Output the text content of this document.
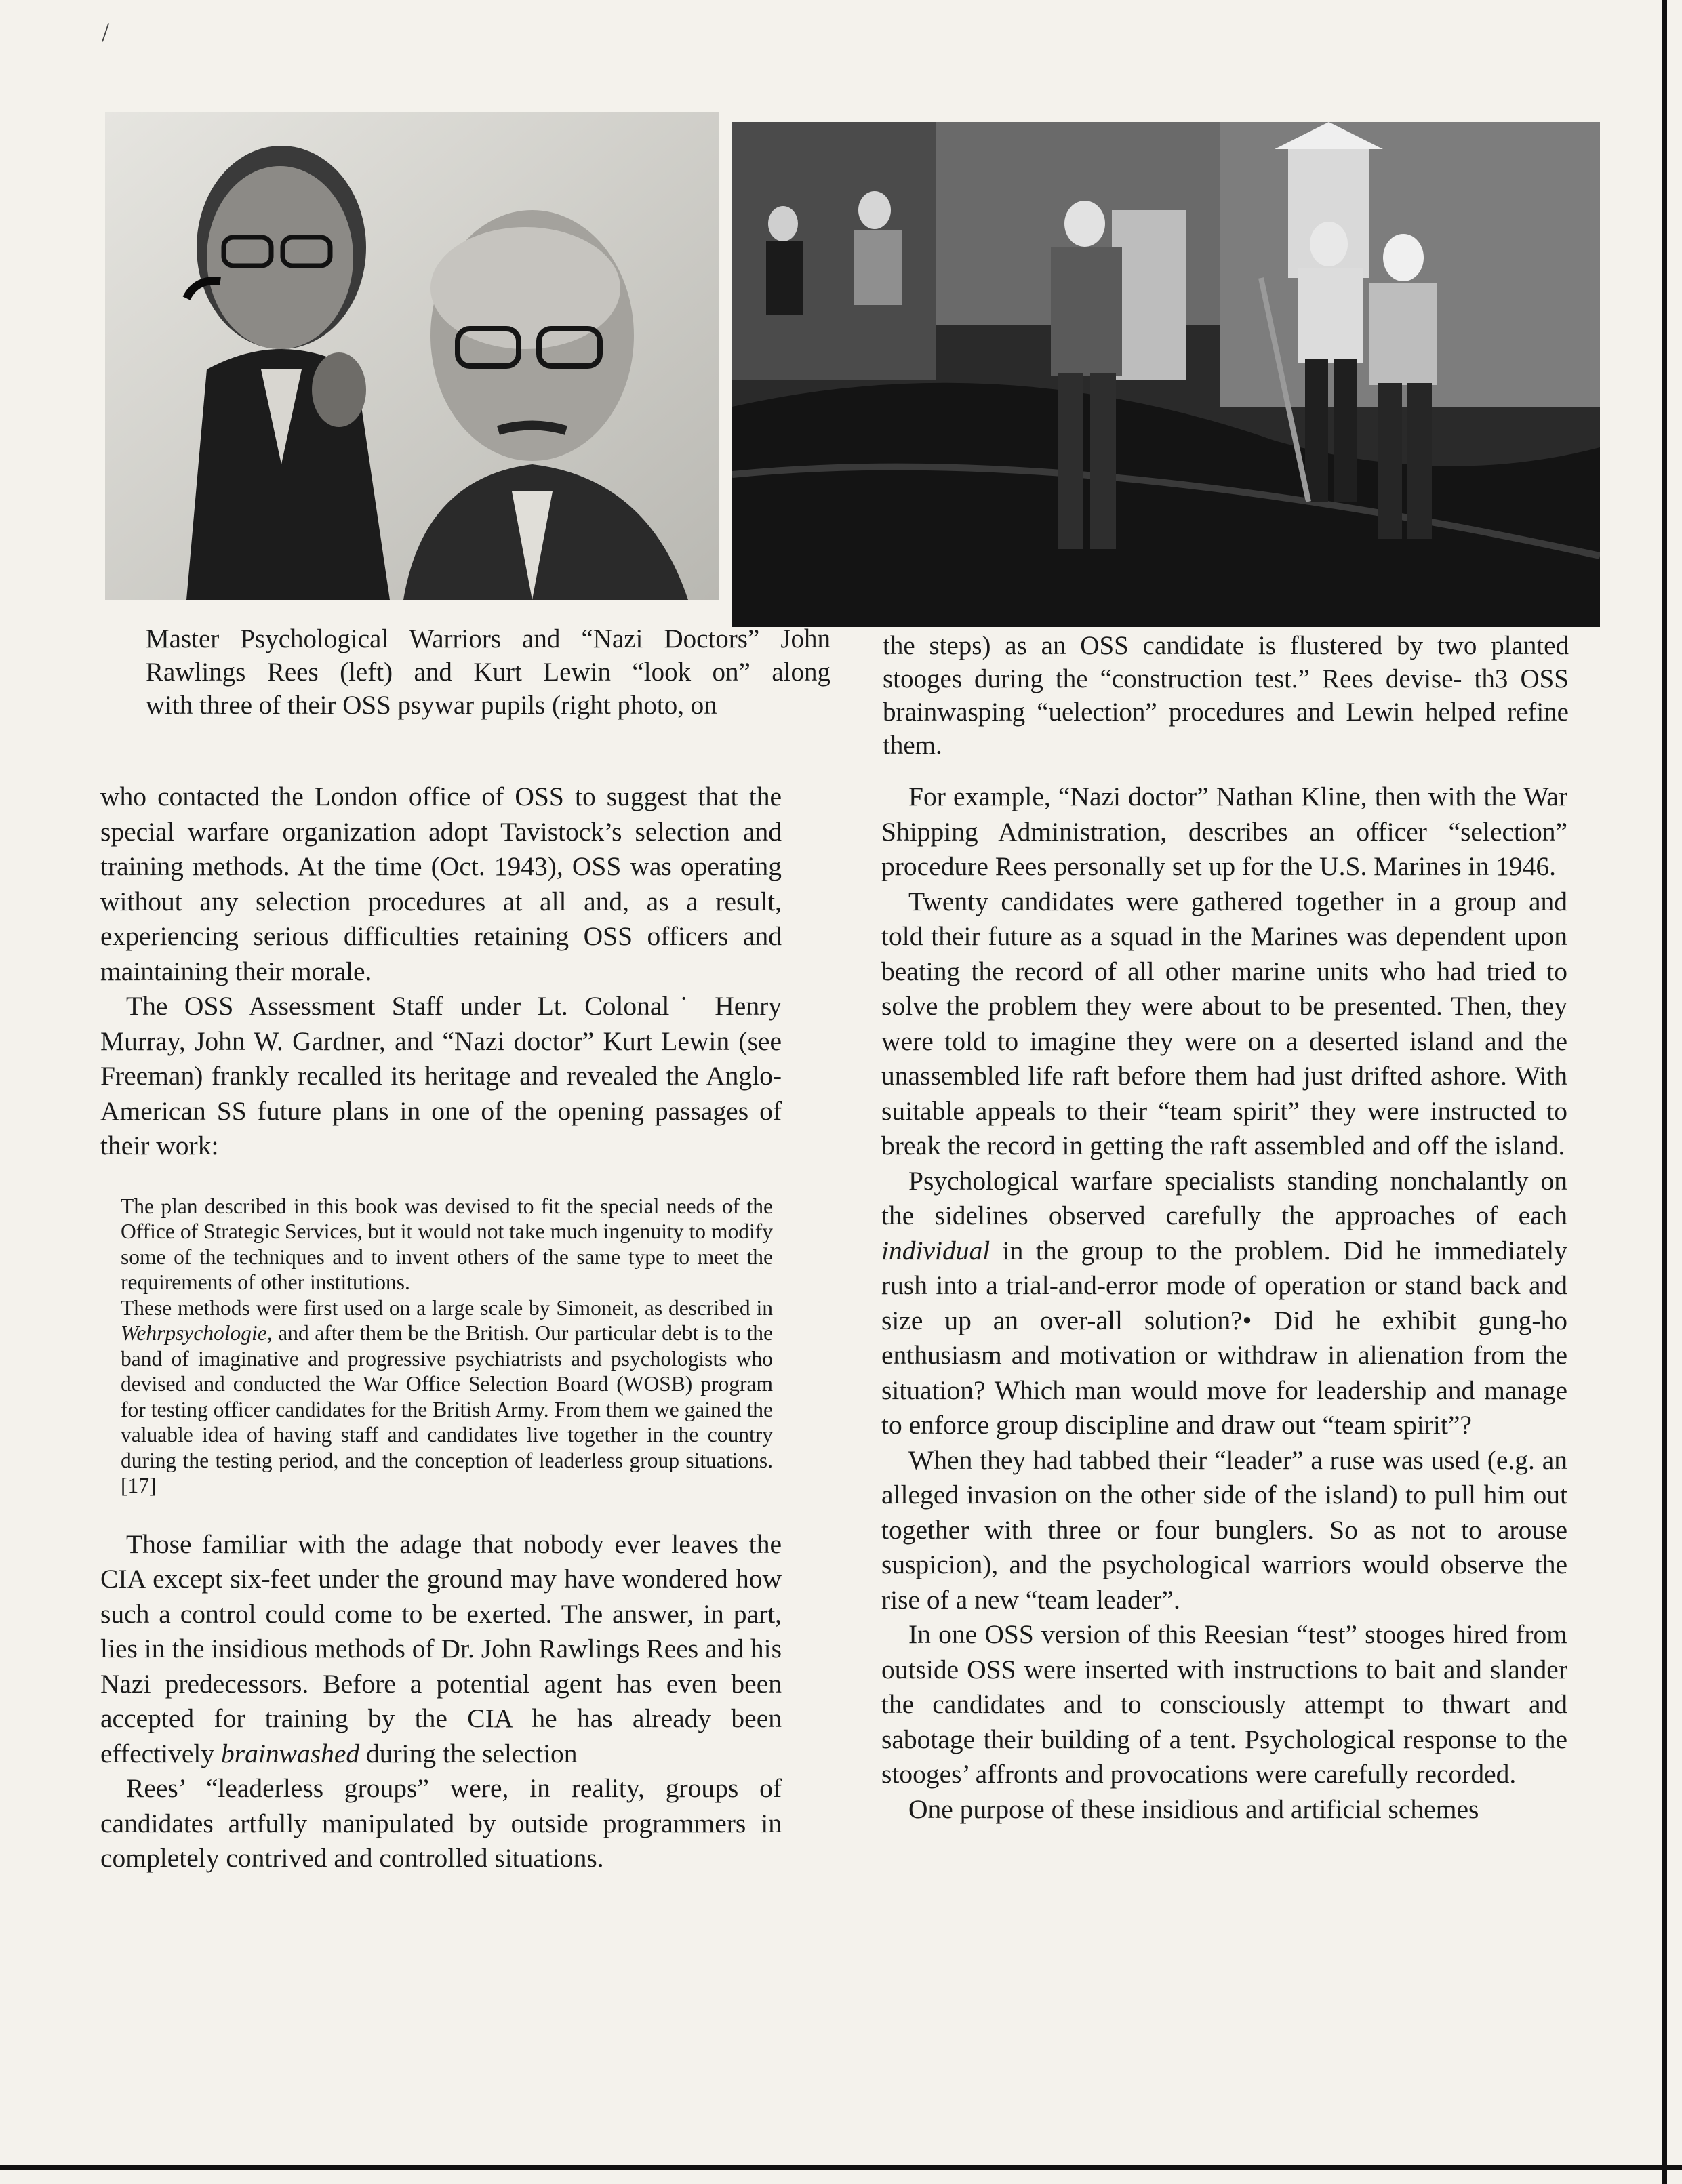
/

Master Psychological Warriors and “Nazi Doctors” John

Rawlings Rees (left) and Kurt Lewin “look on” along

with three of their OSS psywar pupils (right photo, on

the steps) as an OSS candidate is flustered by two planted stooges during the “construction test.” Rees devise- th3 OSS brainwasping “uelection” procedures and Lewin helped refine them.

who contacted the London office of OSS to suggest that the special warfare organization adopt Tavistock’s selection and training methods. At the time (Oct. 1943), OSS was operating without any selection procedures at all and, as a result, experiencing serious difficulties retaining OSS officers and maintaining their morale.

The OSS Assessment Staff under Lt. Colonal˙ Henry Murray, John W. Gardner, and “Nazi doctor” Kurt Lewin (see Freeman) frankly recalled its heritage and revealed the Anglo-American SS future plans in one of the opening passages of their work:

The plan described in this book was devised to fit the special needs of the Office of Strategic Services, but it would not take much ingenuity to modify some of the techniques and to invent others of the same type to meet the requirements of other institutions.

These methods were first used on a large scale by Simoneit, as described in Wehrpsychologie, and after them be the British. Our particular debt is to the band of imaginative and progressive psychiatrists and psychologists who devised and conducted the War Office Selection Board (WOSB) program for testing officer candidates for the British Army. From them we gained the valuable idea of having staff and candidates live together in the country during the testing period, and the conception of leaderless group situations.[17]

Those familiar with the adage that nobody ever leaves the CIA except six-feet under the ground may have wondered how such a control could come to be exerted. The answer, in part, lies in the insidious methods of Dr. John Rawlings Rees and his Nazi predecessors. Before a potential agent has even been accepted for training by the CIA he has already been effectively brainwashed during the selection

Rees’ “leaderless groups” were, in reality, groups of candidates artfully manipulated by outside programmers in completely contrived and controlled situations.

For example, “Nazi doctor” Nathan Kline, then with the War Shipping Administration, describes an officer “selection” procedure Rees personally set up for the U.S. Marines in 1946.

Twenty candidates were gathered together in a group and told their future as a squad in the Marines was dependent upon beating the record of all other marine units who had tried to solve the problem they were about to be presented. Then, they were told to imagine they were on a deserted island and the unassembled life raft before them had just drifted ashore. With suitable appeals to their “team spirit” they were instructed to break the record in getting the raft assembled and off the island.

Psychological warfare specialists standing nonchalantly on the sidelines observed carefully the approaches of each individual in the group to the problem. Did he immediately rush into a trial-and-error mode of operation or stand back and size up an over-all solution?• Did he exhibit gung-ho enthusiasm and motivation or withdraw in alienation from the situation? Which man would move for leadership and manage to enforce group discipline and draw out “team spirit”?

When they had tabbed their “leader” a ruse was used (e.g. an alleged invasion on the other side of the island) to pull him out together with three or four bunglers. So as not to arouse suspicion), and the psychological warriors would observe the rise of a new “team leader”.

In one OSS version of this Reesian “test” stooges hired from outside OSS were inserted with instructions to bait and slander the candidates and to consciously attempt to thwart and sabotage their building of a tent. Psychological response to the stooges’ affronts and provocations were carefully recorded.

One purpose of these insidious and artificial schemes
